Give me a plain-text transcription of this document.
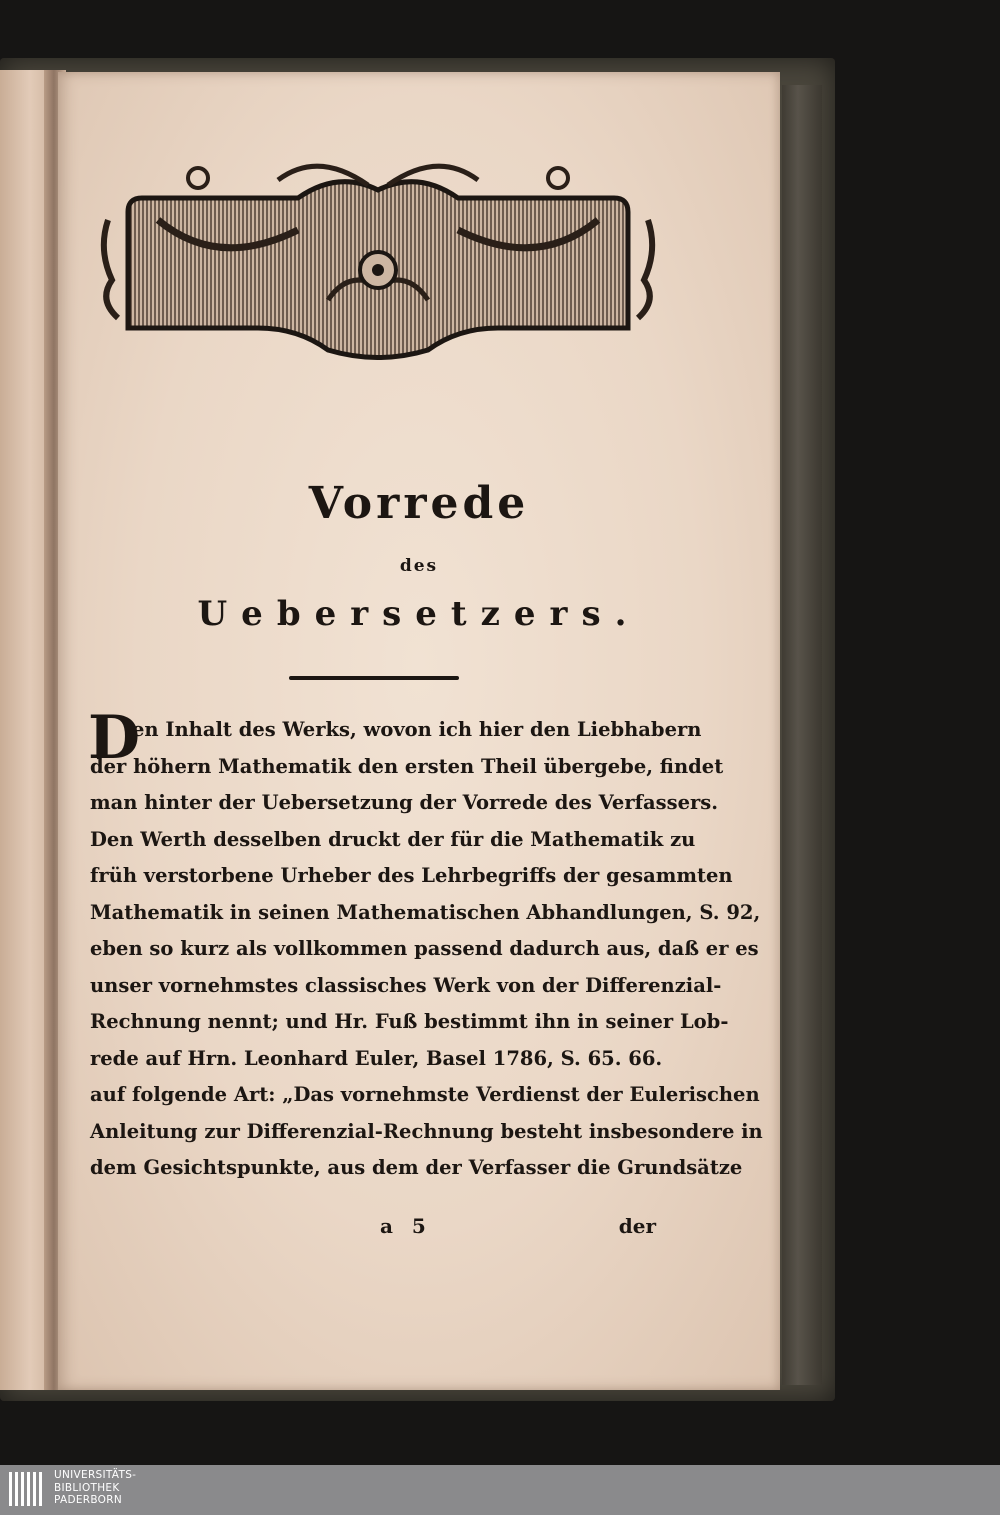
Vorrede
des
Uebersetzers.
D
en Inhalt des Werks, wovon ich hier den Liebhabern
der höhern Mathematik den ersten Theil übergebe, findet
man hinter der Uebersetzung der Vorrede des Verfassers.
Den Werth desselben druckt der für die Mathematik zu
früh verstorbene Urheber des Lehrbegriffs der gesammten
Mathematik in seinen Mathematischen Abhandlungen, S. 92,
eben so kurz als vollkommen passend dadurch aus, daß er es
unser vornehmstes classisches Werk von der Differenzial-
Rechnung nennt; und Hr. Fuß bestimmt ihn in seiner Lob-
rede auf Hrn. Leonhard Euler, Basel 1786, S. 65. 66.
auf folgende Art: „Das vornehmste Verdienst der Eulerischen
Anleitung zur Differenzial-Rechnung besteht insbesondere in
dem Gesichtspunkte, aus dem der Verfasser die Grundsätze
a 5	der
UNIVERSITÄTS-
BIBLIOTHEK
PADERBORN
